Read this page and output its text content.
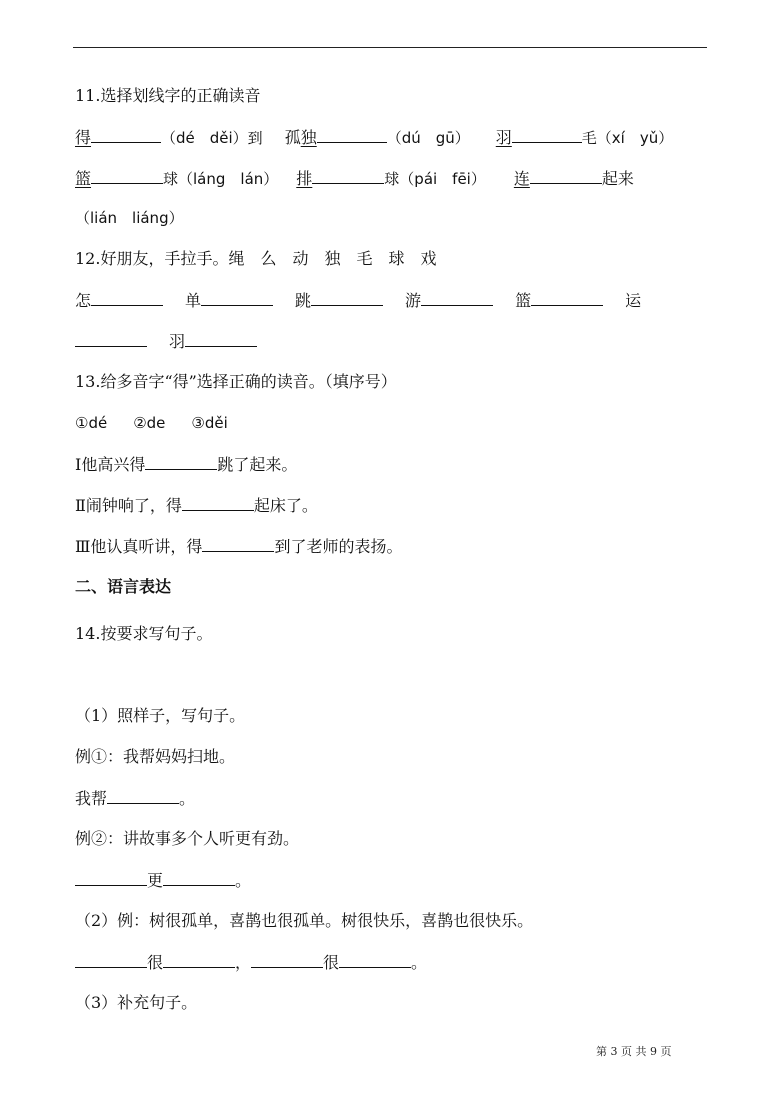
11.选择划线字的正确读音
得	（dé　děi）到 孤独	（dú　gū） 羽	毛（xí　yǔ）
篮	球（láng　lán） 排	球（pái　fēi） 连	起来
（lián　liáng）
12.好朋友，手拉手。绳　么　动　独　毛　球　戏
怎	单	跳	游	篮	运
羽
13.给多音字“得”选择正确的读音。（填序号）
①dé ②de ③děi
Ⅰ他高兴得	跳了起来。
Ⅱ闹钟响了，得	起床了。
Ⅲ他认真听讲，得	到了老师的表扬。
二、语言表达
14.按要求写句子。
（1）照样子，写句子。
例①：我帮妈妈扫地。
我帮	。
例②：讲故事多个人听更有劲。
更	。
（2）例：树很孤单，喜鹊也很孤单。树很快乐，喜鹊也很快乐。
很	，	很	。
（3）补充句子。
第 3 页 共 9 页
